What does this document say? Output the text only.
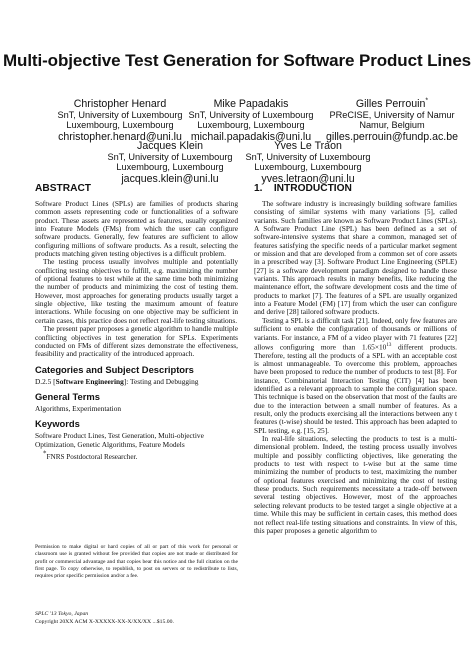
Multi-objective Test Generation for Software Product Lines
Christopher Henard
SnT, University of Luxembourg
Luxembourg, Luxembourg
christopher.henard@uni.lu
Mike Papadakis
SnT, University of Luxembourg
Luxembourg, Luxembourg
michail.papadakis@uni.lu
Gilles Perrouin*
PReCISE, University of Namur
Namur, Belgium
gilles.perrouin@fundp.ac.be
Jacques Klein
SnT, University of Luxembourg
Luxembourg, Luxembourg
jacques.klein@uni.lu
Yves Le Traon
SnT, University of Luxembourg
Luxembourg, Luxembourg
yves.letraon@uni.lu
ABSTRACT

Software Product Lines (SPLs) are families of products sharing common assets representing code or functionalities of a software product. These assets are represented as features, usually organized into Feature Models (FMs) from which the user can configure software products. Generally, few features are sufficient to allow configuring millions of software products. As a result, selecting the products matching given testing objectives is a difficult problem.

The testing process usually involves multiple and potentially conflicting testing objectives to fulfill, e.g. maximizing the number of optional features to test while at the same time both minimizing the number of products and minimizing the cost of testing them. However, most approaches for generating products usually target a single objective, like testing the maximum amount of feature interactions. While focusing on one objective may be sufficient in certain cases, this practice does not reflect real-life testing situations.

The present paper proposes a genetic algorithm to handle multiple conflicting objectives in test generation for SPLs. Experiments conducted on FMs of different sizes demonstrate the effectiveness, feasibility and practicality of the introduced approach.

Categories and Subject Descriptors

D.2.5 [Software Engineering]: Testing and Debugging

General Terms

Algorithms, Experimentation

Keywords

Software Product Lines, Test Generation, Multi-objective Optimization, Genetic Algorithms, Feature Models

*FNRS Postdoctoral Researcher.

Permission to make digital or hard copies of all or part of this work for personal or classroom use is granted without fee provided that copies are not made or distributed for profit or commercial advantage and that copies bear this notice and the full citation on the first page. To copy otherwise, to republish, to post on servers or to redistribute to lists, requires prior specific permission and/or a fee.

SPLC '13 Tokyo, Japan

Copyright 20XX ACM X-XXXXX-XX-X/XX/XX ...$15.00.

1.    INTRODUCTION

The software industry is increasingly building software families consisting of similar systems with many variations [5], called variants. Such families are known as Software Product Lines (SPLs). A Software Product Line (SPL) has been defined as a set of software-intensive systems that share a common, managed set of features satisfying the specific needs of a particular market segment or mission and that are developed from a common set of core assets in a prescribed way [3]. Software Product Line Engineering (SPLE) [27] is a software development paradigm designed to handle these variants. This approach results in many benefits, like reducing the maintenance effort, the software development costs and the time of products to market [7]. The features of a SPL are usually organized into a Feature Model (FM) [17] from which the user can configure and derive [28] tailored software products.

Testing a SPL is a difficult task [21]. Indeed, only few features are sufficient to enable the configuration of thousands or millions of variants. For instance, a FM of a video player with 71 features [22] allows configuring more than $1.65\times 10^{13}$ different products. Therefore, testing all the products of a SPL with an acceptable cost is almost unmanageable. To overcome this problem, approaches have been proposed to reduce the number of products to test [8]. For instance, Combinatorial Interaction Testing (CIT) [4] has been identified as a relevant approach to sample the configuration space. This technique is based on the observation that most of the faults are due to the interaction between a small number of features. As a result, only the products exercising all the interactions between any t features (t-wise) should be tested. This approach has been adapted to SPL testing, e.g. [15, 25].

In real-life situations, selecting the products to test is a multi-dimensional problem. Indeed, the testing process usually involves multiple and possibly conflicting objectives, like generating the products to test with respect to t-wise but at the same time minimizing the number of products to test, maximizing the number of optional features exercised and minimizing the cost of testing these products. Such requirements necessitate a trade-off between several testing objectives. However, most of the approaches selecting relevant products to be tested target a single objective at a time. While this may be sufficient in certain cases, this method does not reflect real-life testing situations and constraints. In view of this, this paper proposes a genetic algorithm to
